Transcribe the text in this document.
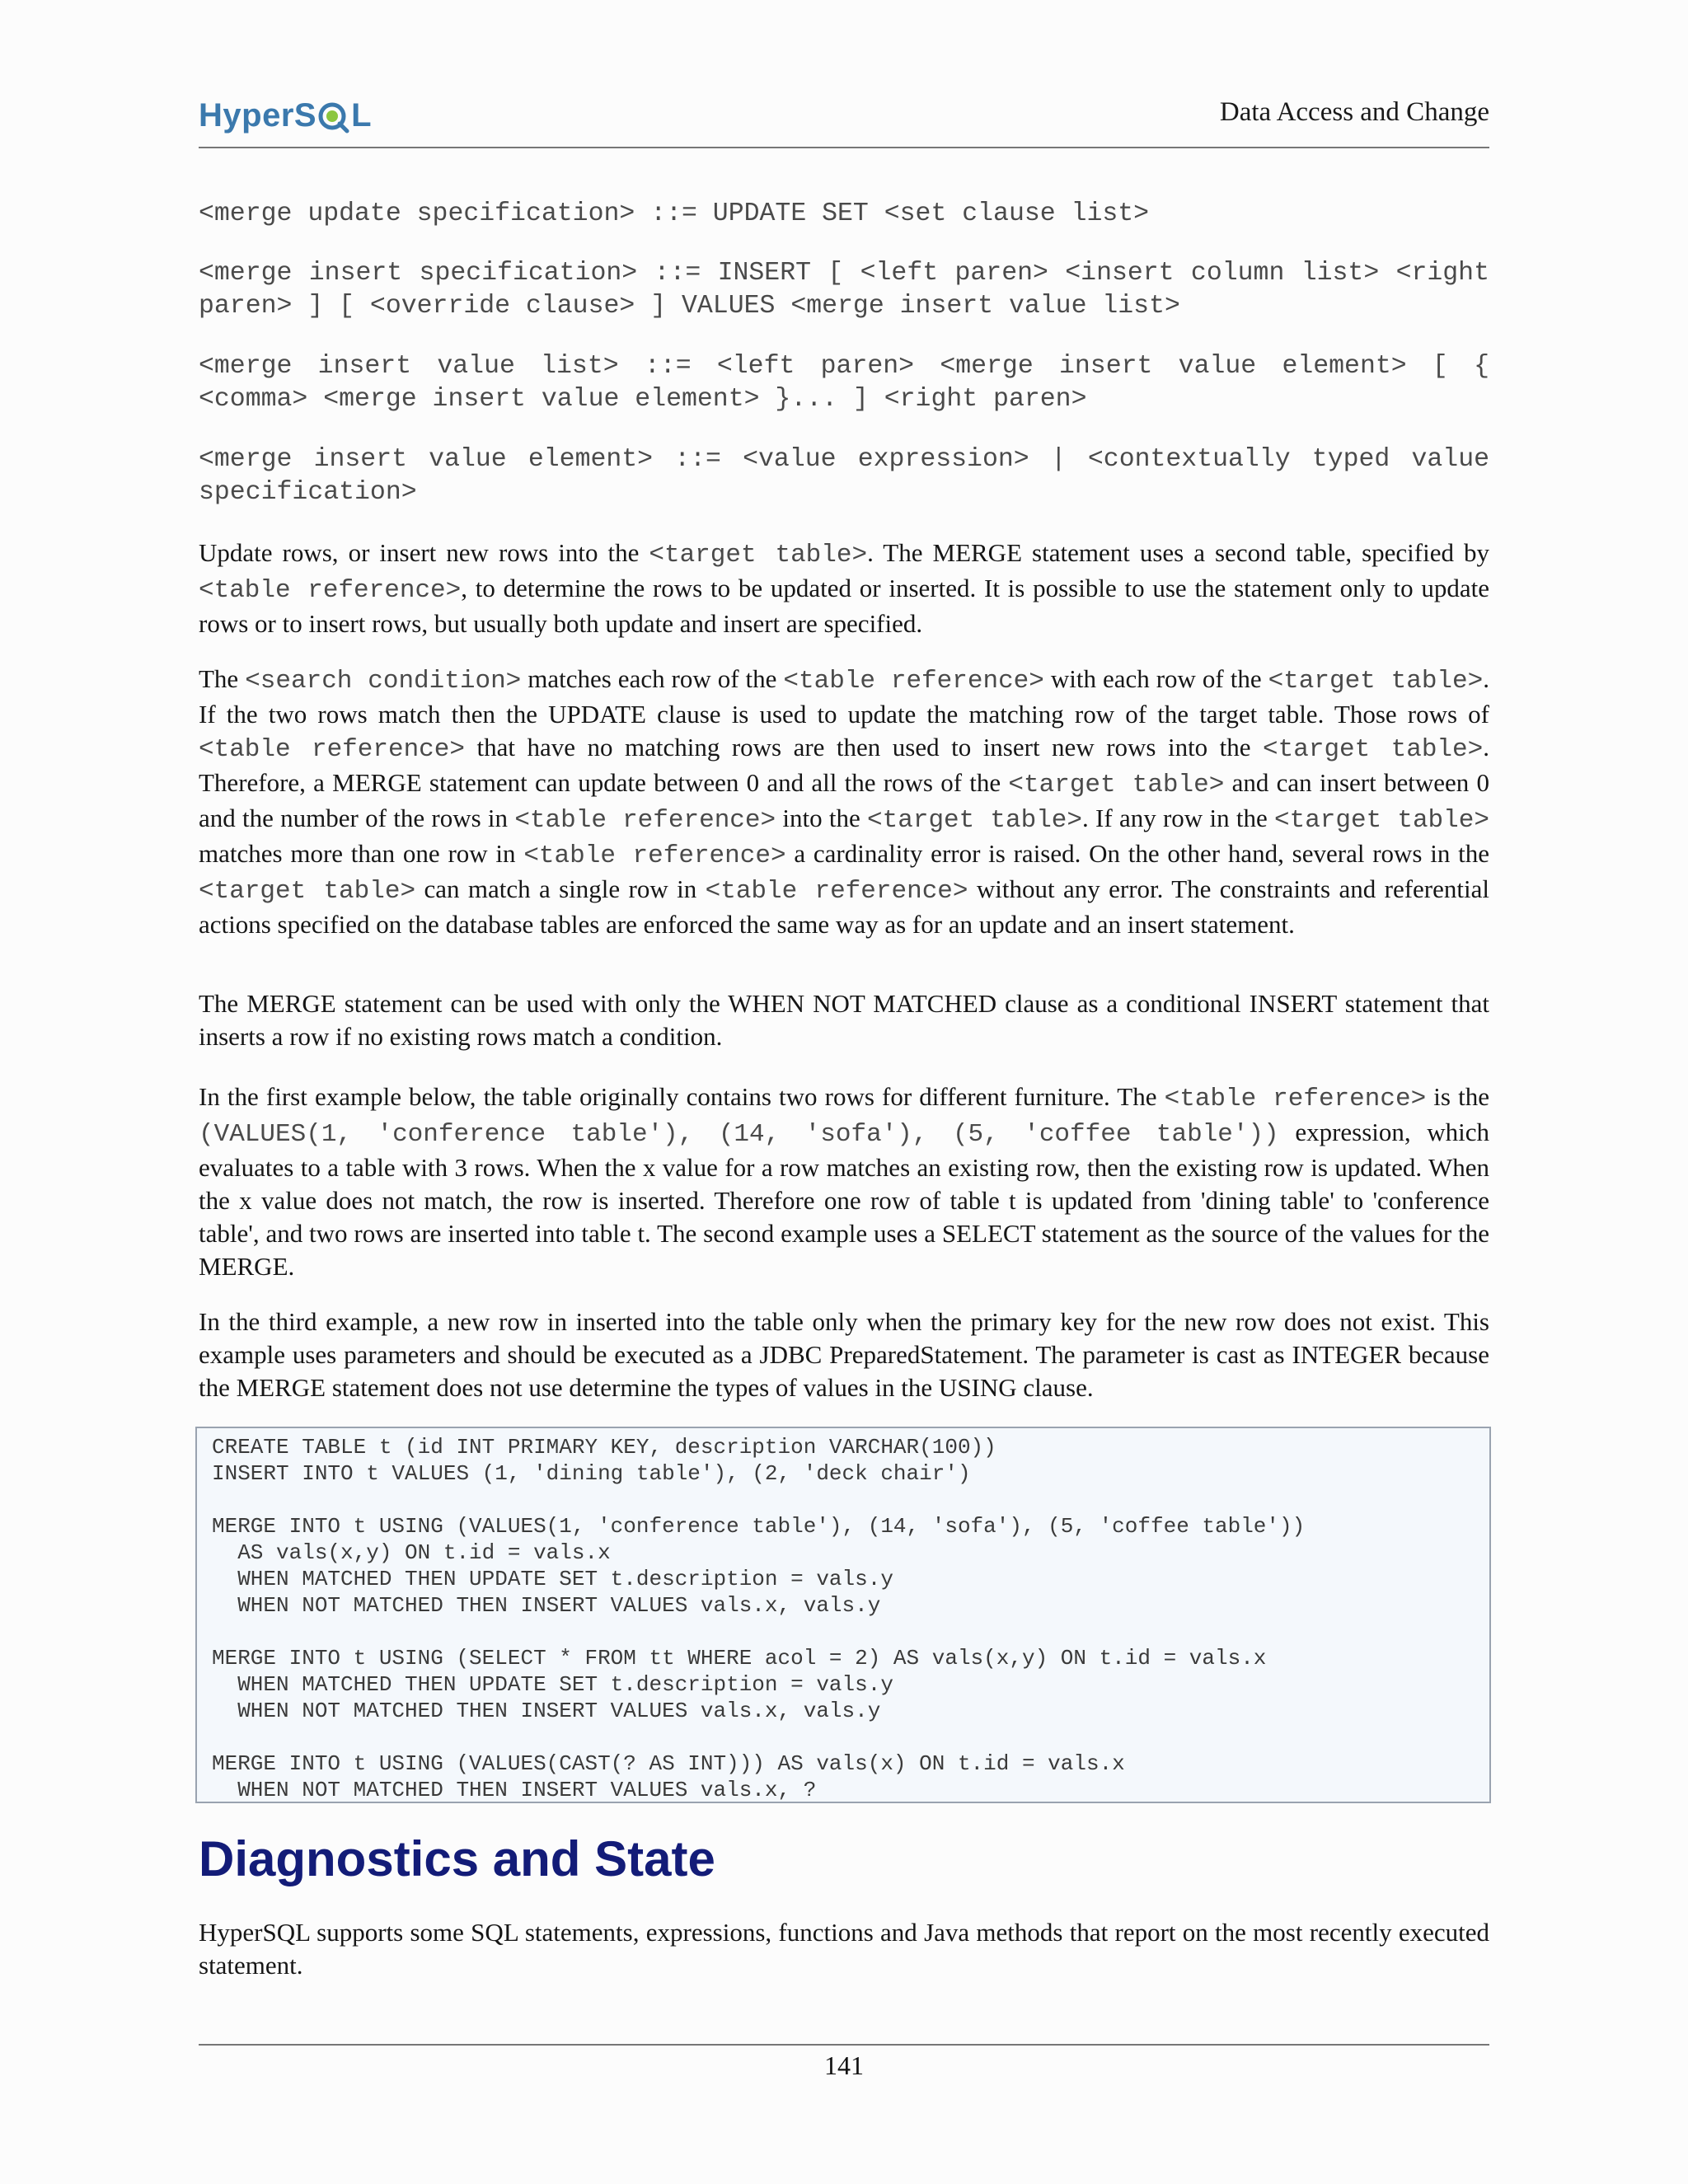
HyperS L	Data Access and Change
<merge update specification> ::= UPDATE SET <set clause list>
<merge insert specification> ::= INSERT [ <left paren> <insert column list> <right paren> ] [ <override clause> ] VALUES <merge insert value list>
<merge insert value list> ::= <left paren> <merge insert value element> [ { <comma> <merge insert value element> }... ] <right paren>
<merge insert value element> ::= <value expression> | <contextually typed value specification>
Update rows, or insert new rows into the <target table>. The MERGE statement uses a second table, specified by <table reference>, to determine the rows to be updated or inserted. It is possible to use the statement only to update rows or to insert rows, but usually both update and insert are specified.
The <search condition> matches each row of the <table reference> with each row of the <target table>. If the two rows match then the UPDATE clause is used to update the matching row of the target table. Those rows of <table reference> that have no matching rows are then used to insert new rows into the <target table>. Therefore, a MERGE statement can update between 0 and all the rows of the <target table> and can insert between 0 and the number of the rows in <table reference> into the <target table>. If any row in the <target table> matches more than one row in <table reference> a cardinality error is raised. On the other hand, several rows in the <target table> can match a single row in <table reference> without any error. The constraints and referential actions specified on the database tables are enforced the same way as for an update and an insert statement.
The MERGE statement can be used with only the WHEN NOT MATCHED clause as a conditional INSERT statement that inserts a row if no existing rows match a condition.
In the first example below, the table originally contains two rows for different furniture. The <table reference> is the (VALUES(1, 'conference table'), (14, 'sofa'), (5, 'coffee table')) expression, which evaluates to a table with 3 rows. When the x value for a row matches an existing row, then the existing row is updated. When the x value does not match, the row is inserted. Therefore one row of table t is updated from 'dining table' to 'conference table', and two rows are inserted into table t. The second example uses a SELECT statement as the source of the values for the MERGE.
In the third example, a new row in inserted into the table only when the primary key for the new row does not exist. This example uses parameters and should be executed as a JDBC PreparedStatement. The parameter is cast as INTEGER because the MERGE statement does not use determine the types of values in the USING clause.
CREATE TABLE t (id INT PRIMARY KEY, description VARCHAR(100))
INSERT INTO t VALUES (1, 'dining table'), (2, 'deck chair')
MERGE INTO t USING (VALUES(1, 'conference table'), (14, 'sofa'), (5, 'coffee table'))
AS vals(x,y) ON t.id = vals.x
WHEN MATCHED THEN UPDATE SET t.description = vals.y
WHEN NOT MATCHED THEN INSERT VALUES vals.x, vals.y
MERGE INTO t USING (SELECT * FROM tt WHERE acol = 2) AS vals(x,y) ON t.id = vals.x
WHEN MATCHED THEN UPDATE SET t.description = vals.y
WHEN NOT MATCHED THEN INSERT VALUES vals.x, vals.y
MERGE INTO t USING (VALUES(CAST(? AS INT))) AS vals(x) ON t.id = vals.x
WHEN NOT MATCHED THEN INSERT VALUES vals.x, ?
Diagnostics and State
HyperSQL supports some SQL statements, expressions, functions and Java methods that report on the most recently executed statement.
141
